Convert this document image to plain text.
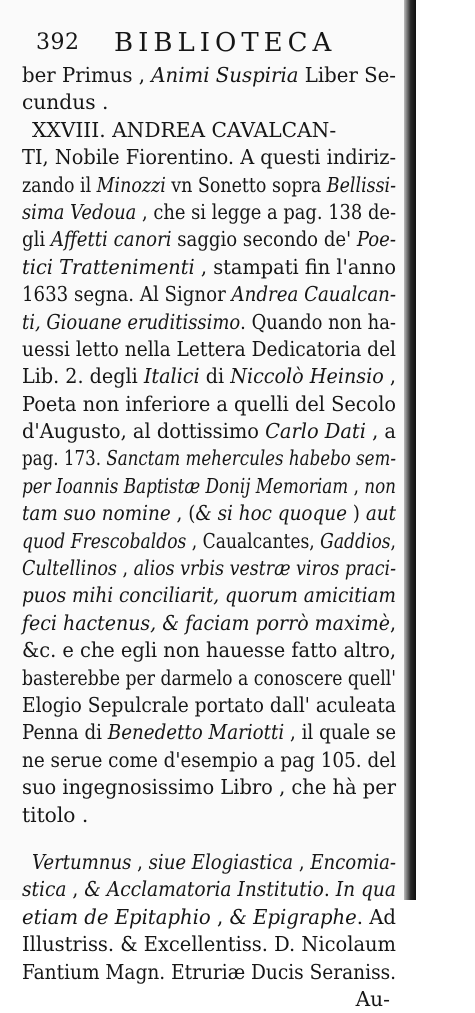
392 BIBLIOTECA
ber Primus , Animi Suspiria Liber Se-
cundus .
XXVIII. ANDREA CAVALCAN-
TI, Nobile Fiorentino. A questi indiriz-
zando il Minozzi vn Sonetto sopra Bellissi-
sima Vedoua , che si legge a pag. 138 de-
gli Affetti canori saggio secondo de' Poe-
tici Trattenimenti , stampati fin l'anno
1633 segna. Al Signor Andrea Caualcan-
ti, Giouane eruditissimo. Quando non ha-
uessi letto nella Lettera Dedicatoria del
Lib. 2. degli Italici di Niccolò Heinsio ,
Poeta non inferiore a quelli del Secolo
d'Augusto, al dottissimo Carlo Dati , a
pag. 173. Sanctam mehercules habebo sem-
per Ioannis Baptistæ Donij Memoriam , non
tam suo nomine , (& si hoc quoque ) aut
quod Frescobaldos , Caualcantes, Gaddios,
Cultellinos , alios vrbis vestræ viros praci-
puos mihi conciliarit, quorum amicitiam
feci hactenus, & faciam porrò maximè,
&c. e che egli non hauesse fatto altro,
basterebbe per darmelo a conoscere quell'
Elogio Sepulcrale portato dall' aculeata
Penna di Benedetto Mariotti , il quale se
ne serue come d'esempio a pag 105. del
suo ingegnosissimo Libro , che hà per
titolo .
Vertumnus , siue Elogiastica , Encomia-
stica , & Acclamatoria Institutio. In qua
etiam de Epitaphio , & Epigraphe. Ad
Illustriss. & Excellentiss. D. Nicolaum
Fantium Magn. Etruriæ Ducis Seraniss.
Au-
